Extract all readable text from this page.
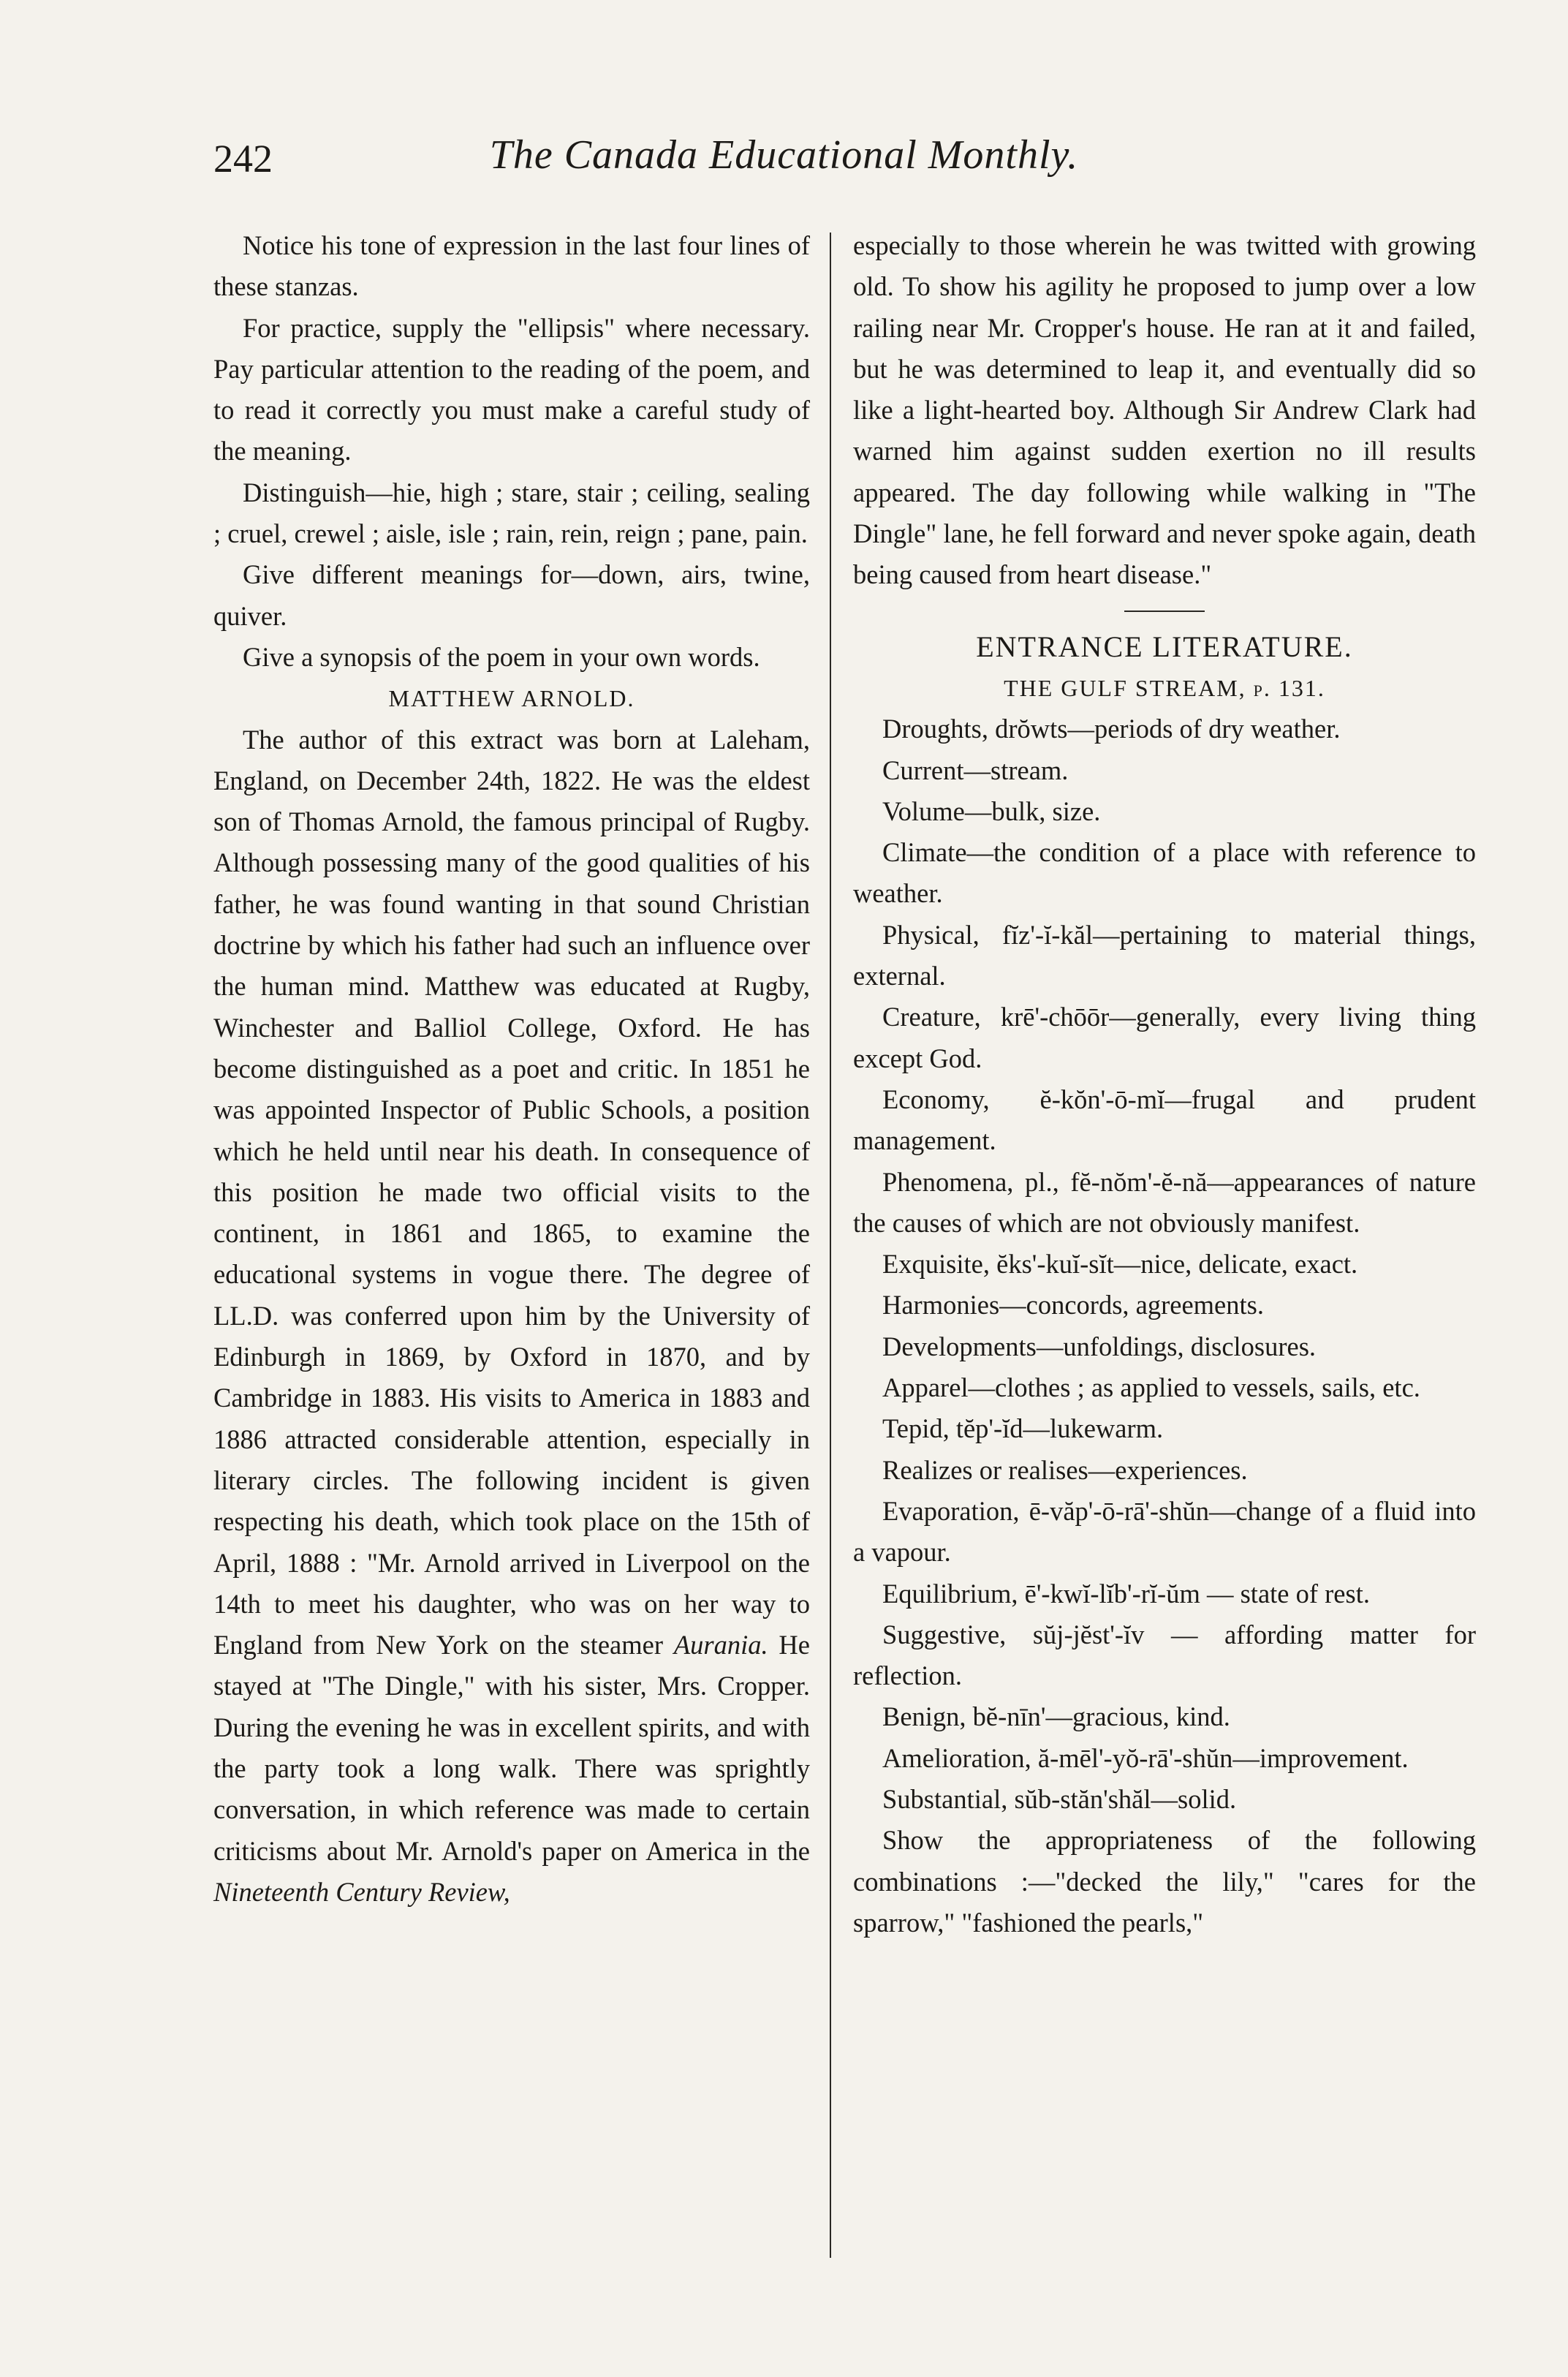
242	The Canada Educational Monthly.

Notice his tone of expression in the last four lines of these stanzas.

For practice, supply the "ellipsis" where necessary. Pay particular attention to the reading of the poem, and to read it correctly you must make a careful study of the meaning.

Distinguish—hie, high ; stare, stair ; ceiling, sealing ; cruel, crewel ; aisle, isle ; rain, rein, reign ; pane, pain.

Give different meanings for—down, airs, twine, quiver.

Give a synopsis of the poem in your own words.

MATTHEW ARNOLD.

The author of this extract was born at Laleham, England, on December 24th, 1822. He was the eldest son of Thomas Arnold, the famous principal of Rugby. Although possessing many of the good qualities of his father, he was found wanting in that sound Christian doctrine by which his father had such an influence over the human mind. Matthew was educated at Rugby, Winchester and Balliol College, Oxford. He has become distinguished as a poet and critic. In 1851 he was appointed Inspector of Public Schools, a position which he held until near his death. In consequence of this position he made two official visits to the continent, in 1861 and 1865, to examine the educational systems in vogue there. The degree of LL.D. was conferred upon him by the University of Edinburgh in 1869, by Oxford in 1870, and by Cambridge in 1883. His visits to America in 1883 and 1886 attracted considerable attention, especially in literary circles. The following incident is given respecting his death, which took place on the 15th of April, 1888 : "Mr. Arnold arrived in Liverpool on the 14th to meet his daughter, who was on her way to England from New York on the steamer Aurania. He stayed at "The Dingle," with his sister, Mrs. Cropper. During the evening he was in excellent spirits, and with the party took a long walk. There was sprightly conversation, in which reference was made to certain criticisms about Mr. Arnold's paper on America in the Nineteenth Century Review,

especially to those wherein he was twitted with growing old. To show his agility he proposed to jump over a low railing near Mr. Cropper's house. He ran at it and failed, but he was determined to leap it, and eventually did so like a light-hearted boy. Although Sir Andrew Clark had warned him against sudden exertion no ill results appeared. The day following while walking in "The Dingle" lane, he fell forward and never spoke again, death being caused from heart disease."

ENTRANCE LITERATURE.

THE GULF STREAM, p. 131.

Droughts, drŏwts—periods of dry weather.

Current—stream.

Volume—bulk, size.

Climate—the condition of a place with reference to weather.

Physical, fĭz'-ĭ-kăl—pertaining to material things, external.

Creature, krē'-chōōr—generally, every living thing except God.

Economy, ĕ-kŏn'-ō-mĭ—frugal and prudent management.

Phenomena, pl., fĕ-nŏm'-ĕ-nă—appearances of nature the causes of which are not obviously manifest.

Exquisite, ĕks'-kuĭ-sĭt—nice, delicate, exact.

Harmonies—concords, agreements.

Developments—unfoldings, disclosures.

Apparel—clothes ; as applied to vessels, sails, etc.

Tepid, tĕp'-ĭd—lukewarm.

Realizes or realises—experiences.

Evaporation, ē-văp'-ō-rā'-shŭn—change of a fluid into a vapour.

Equilibrium, ē'-kwĭ-lĭb'-rĭ-ŭm — state of rest.

Suggestive, sŭj-jĕst'-ĭv — affording matter for reflection.

Benign, bĕ-nīn'—gracious, kind.

Amelioration, ă-mēl'-yŏ-rā'-shŭn—improvement.

Substantial, sŭb-stăn'shăl—solid.

Show the appropriateness of the following combinations :—"decked the lily," "cares for the sparrow," "fashioned the pearls,"
